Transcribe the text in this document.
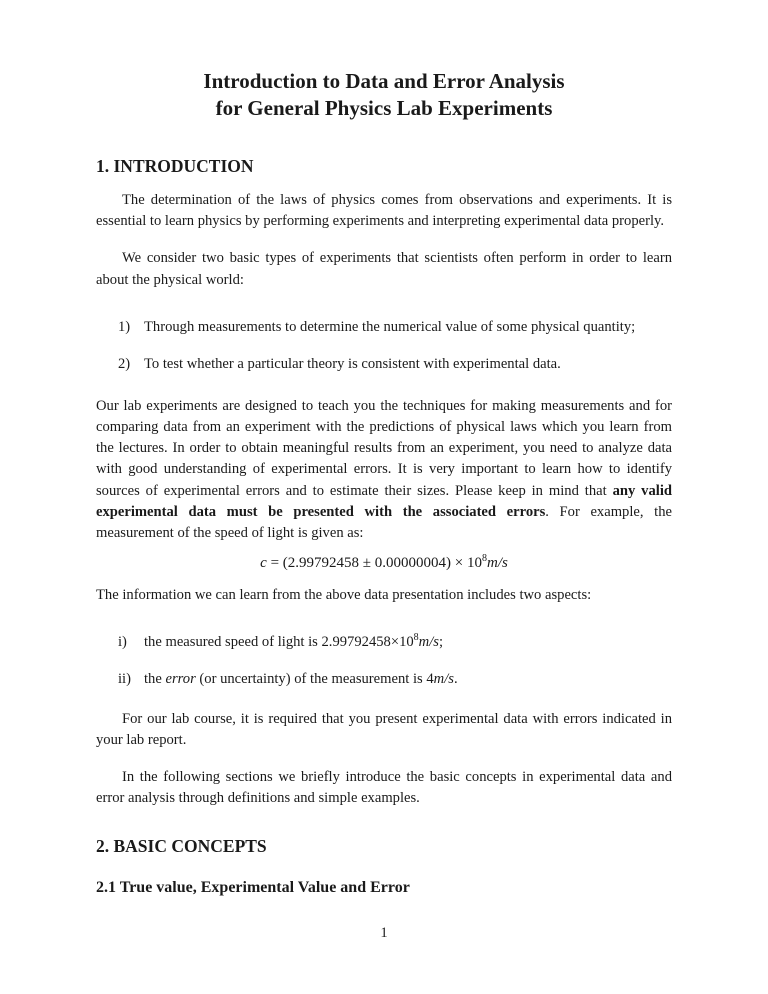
Introduction to Data and Error Analysis
for General Physics Lab Experiments
1. INTRODUCTION

The determination of the laws of physics comes from observations and experiments. It is essential to learn physics by performing experiments and interpreting experimental data properly.

We consider two basic types of experiments that scientists often perform in order to learn about the physical world:

1) Through measurements to determine the numerical value of some physical quantity;
2) To test whether a particular theory is consistent with experimental data.

Our lab experiments are designed to teach you the techniques for making measurements and for comparing data from an experiment with the predictions of physical laws which you learn from the lectures. In order to obtain meaningful results from an experiment, you need to analyze data with good understanding of experimental errors. It is very important to learn how to identify sources of experimental errors and to estimate their sizes. Please keep in mind that any valid experimental data must be presented with the associated errors. For example, the measurement of the speed of light is given as:

$c = (2.99792458 \pm 0.00000004) \times 10^8m/s$

The information we can learn from the above data presentation includes two aspects:

i)	the measured speed of light is $2.99792458\times 10^8m/s$;
ii) the error (or uncertainty) of the measurement is 4m/s.

For our lab course, it is required that you present experimental data with errors indicated in your lab report.

In the following sections we briefly introduce the basic concepts in experimental data and error analysis through definitions and simple examples.

2. BASIC CONCEPTS
2.1 True value, Experimental Value and Error
1
